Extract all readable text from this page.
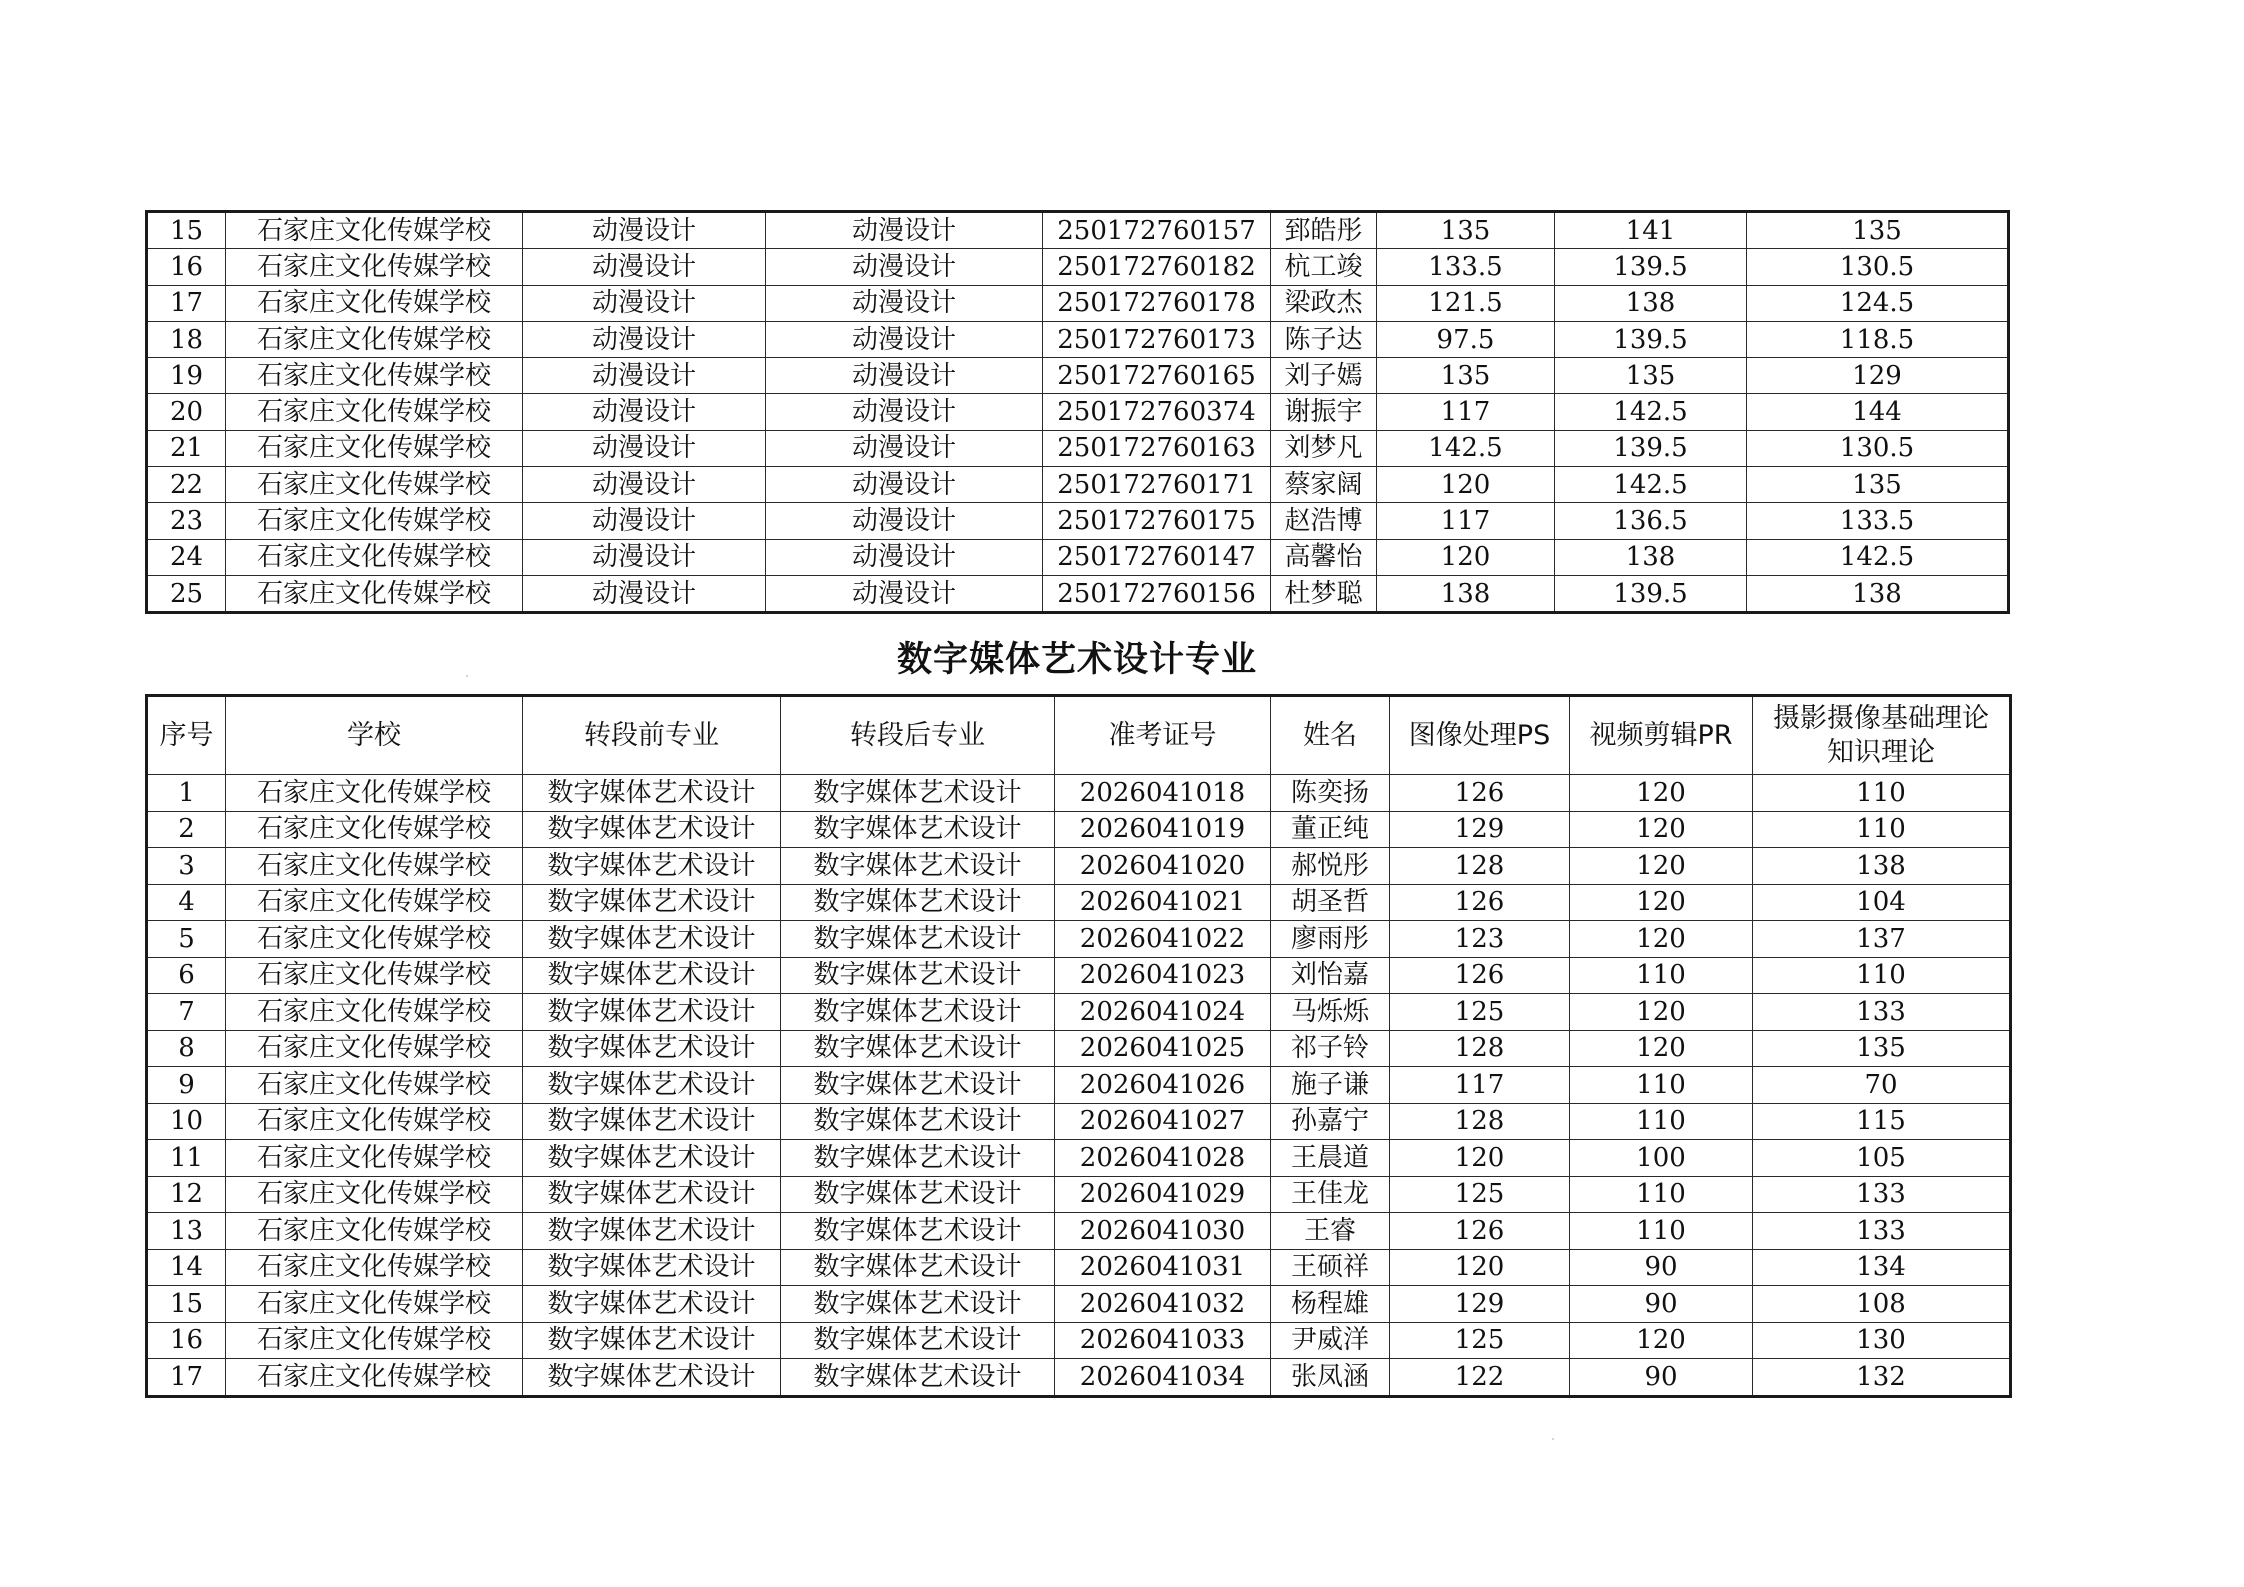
15	石家庄文化传媒学校	动漫设计	动漫设计	250172760157	郅皓彤	135	141	135
16	石家庄文化传媒学校	动漫设计	动漫设计	250172760182	杭工竣	133.5	139.5	130.5
17	石家庄文化传媒学校	动漫设计	动漫设计	250172760178	梁政杰	121.5	138	124.5
18	石家庄文化传媒学校	动漫设计	动漫设计	250172760173	陈子达	97.5	139.5	118.5
19	石家庄文化传媒学校	动漫设计	动漫设计	250172760165	刘子嫣	135	135	129
20	石家庄文化传媒学校	动漫设计	动漫设计	250172760374	谢振宇	117	142.5	144
21	石家庄文化传媒学校	动漫设计	动漫设计	250172760163	刘梦凡	142.5	139.5	130.5
22	石家庄文化传媒学校	动漫设计	动漫设计	250172760171	蔡家阔	120	142.5	135
23	石家庄文化传媒学校	动漫设计	动漫设计	250172760175	赵浩博	117	136.5	133.5
24	石家庄文化传媒学校	动漫设计	动漫设计	250172760147	高馨怡	120	138	142.5
25	石家庄文化传媒学校	动漫设计	动漫设计	250172760156	杜梦聪	138	139.5	138
数字媒体艺术设计专业
序号	学校	转段前专业	转段后专业	准考证号	姓名	图像处理PS	视频剪辑PR	摄影摄像基础理论
知识理论

1	石家庄文化传媒学校	数字媒体艺术设计	数字媒体艺术设计	2026041018	陈奕扬	126	120	110
2	石家庄文化传媒学校	数字媒体艺术设计	数字媒体艺术设计	2026041019	董正纯	129	120	110
3	石家庄文化传媒学校	数字媒体艺术设计	数字媒体艺术设计	2026041020	郝悦彤	128	120	138
4	石家庄文化传媒学校	数字媒体艺术设计	数字媒体艺术设计	2026041021	胡圣哲	126	120	104
5	石家庄文化传媒学校	数字媒体艺术设计	数字媒体艺术设计	2026041022	廖雨彤	123	120	137
6	石家庄文化传媒学校	数字媒体艺术设计	数字媒体艺术设计	2026041023	刘怡嘉	126	110	110
7	石家庄文化传媒学校	数字媒体艺术设计	数字媒体艺术设计	2026041024	马烁烁	125	120	133
8	石家庄文化传媒学校	数字媒体艺术设计	数字媒体艺术设计	2026041025	祁子铃	128	120	135
9	石家庄文化传媒学校	数字媒体艺术设计	数字媒体艺术设计	2026041026	施子谦	117	110	70
10	石家庄文化传媒学校	数字媒体艺术设计	数字媒体艺术设计	2026041027	孙嘉宁	128	110	115
11	石家庄文化传媒学校	数字媒体艺术设计	数字媒体艺术设计	2026041028	王晨道	120	100	105
12	石家庄文化传媒学校	数字媒体艺术设计	数字媒体艺术设计	2026041029	王佳龙	125	110	133
13	石家庄文化传媒学校	数字媒体艺术设计	数字媒体艺术设计	2026041030	王睿	126	110	133
14	石家庄文化传媒学校	数字媒体艺术设计	数字媒体艺术设计	2026041031	王硕祥	120	90	134
15	石家庄文化传媒学校	数字媒体艺术设计	数字媒体艺术设计	2026041032	杨程雄	129	90	108
16	石家庄文化传媒学校	数字媒体艺术设计	数字媒体艺术设计	2026041033	尹威洋	125	120	130
17	石家庄文化传媒学校	数字媒体艺术设计	数字媒体艺术设计	2026041034	张凤涵	122	90	132
